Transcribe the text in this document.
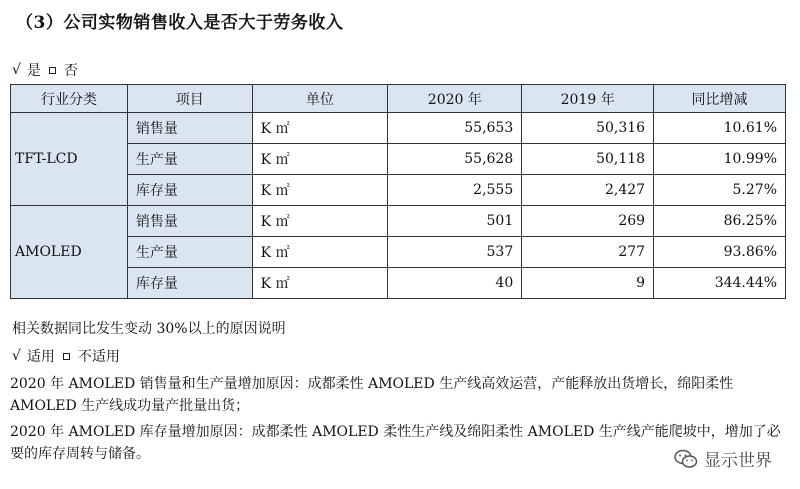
（3）公司实物销售收入是否大于劳务收入
√ 是 否
行业分类	项目	单位	2020 年	2019 年	同比增减
TFT-LCD	销售量	K ㎡	55,653	50,316	10.61%
	生产量	K ㎡	55,628	50,118	10.99%
	库存量	K ㎡	2,555	2,427	5.27%
AMOLED	销售量	K ㎡	501	269	86.25%
	生产量	K ㎡	537	277	93.86%
	库存量	K ㎡	40	9	344.44%
相关数据同比发生变动 30%以上的原因说明
√ 适用 不适用
2020 年 AMOLED 销售量和生产量增加原因：成都柔性 AMOLED 生产线高效运营，产能释放出货增长，绵阳柔性 AMOLED 生产线成功量产批量出货；
2020 年 AMOLED 库存量增加原因：成都柔性 AMOLED 柔性生产线及绵阳柔性 AMOLED 生产线产能爬坡中，增加了必要的库存周转与储备。	显示世界
